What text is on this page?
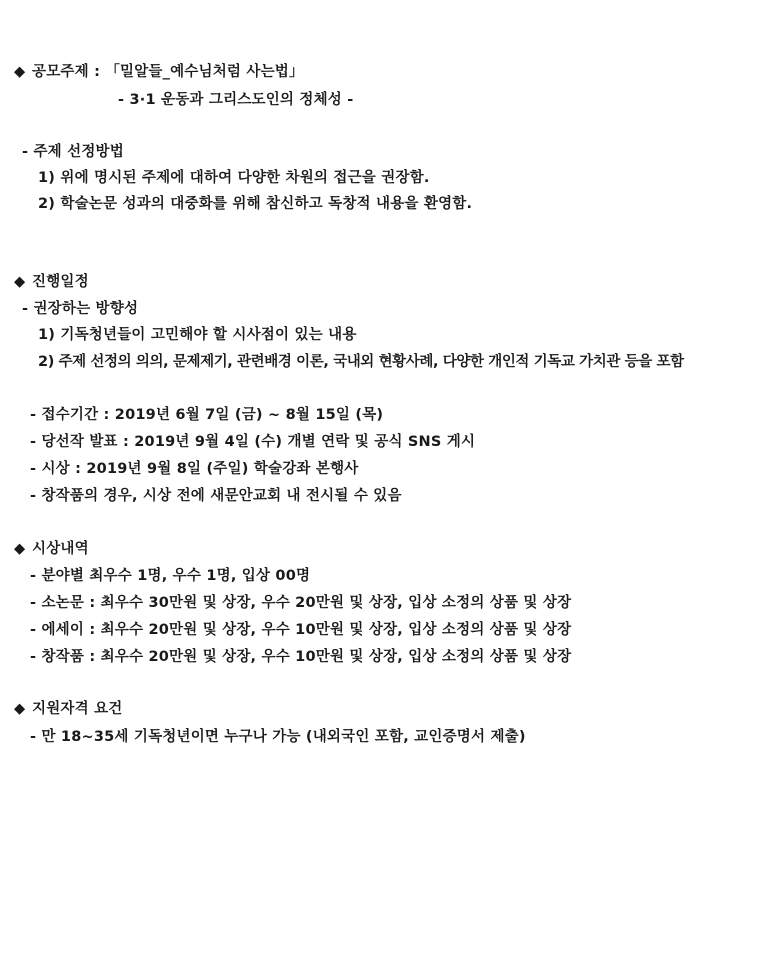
◆ 공모주제 : 「밀알들_예수님처럼 사는법」
- 3·1 운동과 그리스도인의 정체성 -
- 주제 선정방법
1) 위에 명시된 주제에 대하여 다양한 차원의 접근을 권장함.
2) 학술논문 성과의 대중화를 위해 참신하고 독창적 내용을 환영함.
◆ 진행일정
- 권장하는 방향성
1) 기독청년들이 고민해야 할 시사점이 있는 내용
2) 주제 선정의 의의, 문제제기, 관련배경 이론, 국내외 현황사례, 다양한 개인적 기독교 가치관 등을 포함
- 접수기간 : 2019년 6월 7일 (금) ~ 8월 15일 (목)
- 당선작 발표 : 2019년 9월 4일 (수) 개별 연락 및 공식 SNS 게시
- 시상 : 2019년 9월 8일 (주일) 학술강좌 본행사
- 창작품의 경우, 시상 전에 새문안교회 내 전시될 수 있음
◆ 시상내역
- 분야별 최우수 1명, 우수 1명, 입상 00명
- 소논문 : 최우수 30만원 및 상장, 우수 20만원 및 상장, 입상 소정의 상품 및 상장
- 에세이 : 최우수 20만원 및 상장, 우수 10만원 및 상장, 입상 소정의 상품 및 상장
- 창작품 : 최우수 20만원 및 상장, 우수 10만원 및 상장, 입상 소정의 상품 및 상장
◆ 지원자격 요건
- 만 18~35세 기독청년이면 누구나 가능 (내외국인 포함, 교인증명서 제출)
